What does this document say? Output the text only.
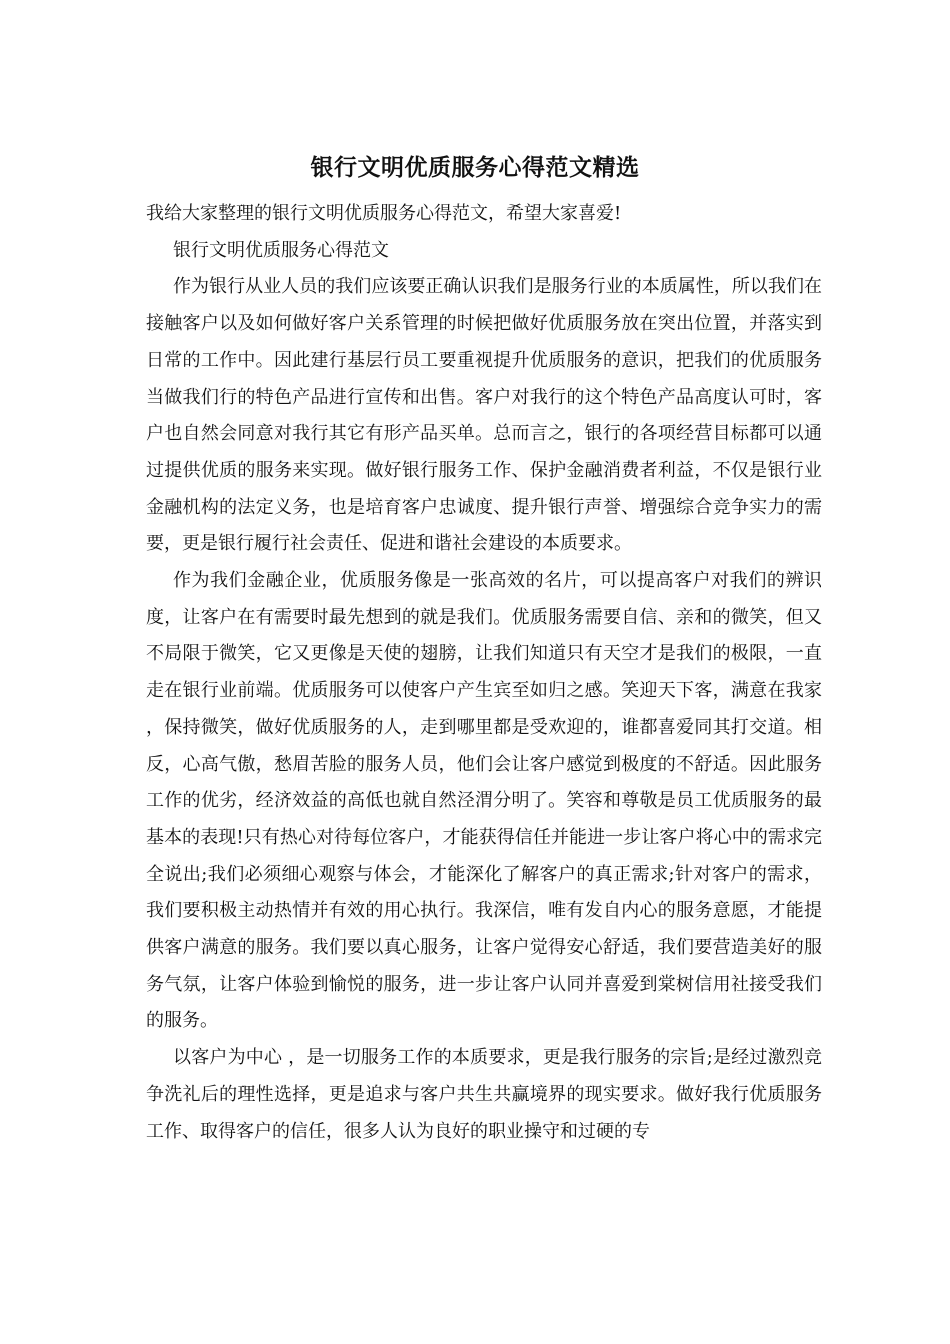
银行文明优质服务心得范文精选

我给大家整理的银行文明优质服务心得范文，希望大家喜爱!

银行文明优质服务心得范文

作为银行从业人员的我们应该要正确认识我们是服务行业的本质属性，所以我们在接触客户以及如何做好客户关系管理的时候把做好优质服务放在突出位置，并落实到日常的工作中。因此建行基层行员工要重视提升优质服务的意识，把我们的优质服务当做我们行的特色产品进行宣传和出售。客户对我行的这个特色产品高度认可时，客户也自然会同意对我行其它有形产品买单。总而言之，银行的各项经营目标都可以通过提供优质的服务来实现。做好银行服务工作、保护金融消费者利益，不仅是银行业金融机构的法定义务，也是培育客户忠诚度、提升银行声誉、增强综合竞争实力的需要，更是银行履行社会责任、促进和谐社会建设的本质要求。

作为我们金融企业，优质服务像是一张高效的名片，可以提高客户对我们的辨识度，让客户在有需要时最先想到的就是我们。优质服务需要自信、亲和的微笑，但又不局限于微笑，它又更像是天使的翅膀，让我们知道只有天空才是我们的极限，一直走在银行业前端。优质服务可以使客户产生宾至如归之感。笑迎天下客，满意在我家 ，保持微笑，做好优质服务的人，走到哪里都是受欢迎的，谁都喜爱同其打交道。相反，心高气傲，愁眉苦脸的服务人员，他们会让客户感觉到极度的不舒适。因此服务工作的优劣，经济效益的高低也就自然泾渭分明了。笑容和尊敬是员工优质服务的最基本的表现!只有热心对待每位客户，才能获得信任并能进一步让客户将心中的需求完全说出;我们必须细心观察与体会，才能深化了解客户的真正需求;针对客户的需求，我们要积极主动热情并有效的用心执行。我深信，唯有发自内心的服务意愿，才能提供客户满意的服务。我们要以真心服务，让客户觉得安心舒适，我们要营造美好的服务气氛，让客户体验到愉悦的服务，进一步让客户认同并喜爱到棠树信用社接受我们的服务。

以客户为中心 ，是一切服务工作的本质要求，更是我行服务的宗旨;是经过激烈竞争洗礼后的理性选择，更是追求与客户共生共赢境界的现实要求。做好我行优质服务工作、取得客户的信任，很多人认为良好的职业操守和过硬的专
